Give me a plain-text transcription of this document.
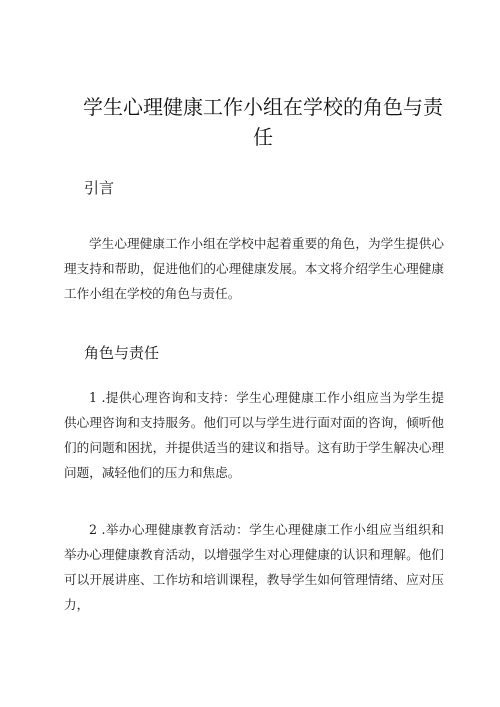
学生心理健康工作小组在学校的角色与责任
引言

学生心理健康工作小组在学校中起着重要的角色，为学生提供心理支持和帮助，促进他们的心理健康发展。本文将介绍学生心理健康工作小组在学校的角色与责任。

角色与责任

1 .提供心理咨询和支持：学生心理健康工作小组应当为学生提供心理咨询和支持服务。他们可以与学生进行面对面的咨询，倾听他们的问题和困扰，并提供适当的建议和指导。这有助于学生解决心理问题，减轻他们的压力和焦虑。

2 .举办心理健康教育活动：学生心理健康工作小组应当组织和举办心理健康教育活动，以增强学生对心理健康的认识和理解。他们可以开展讲座、工作坊和培训课程，教导学生如何管理情绪、应对压力，
